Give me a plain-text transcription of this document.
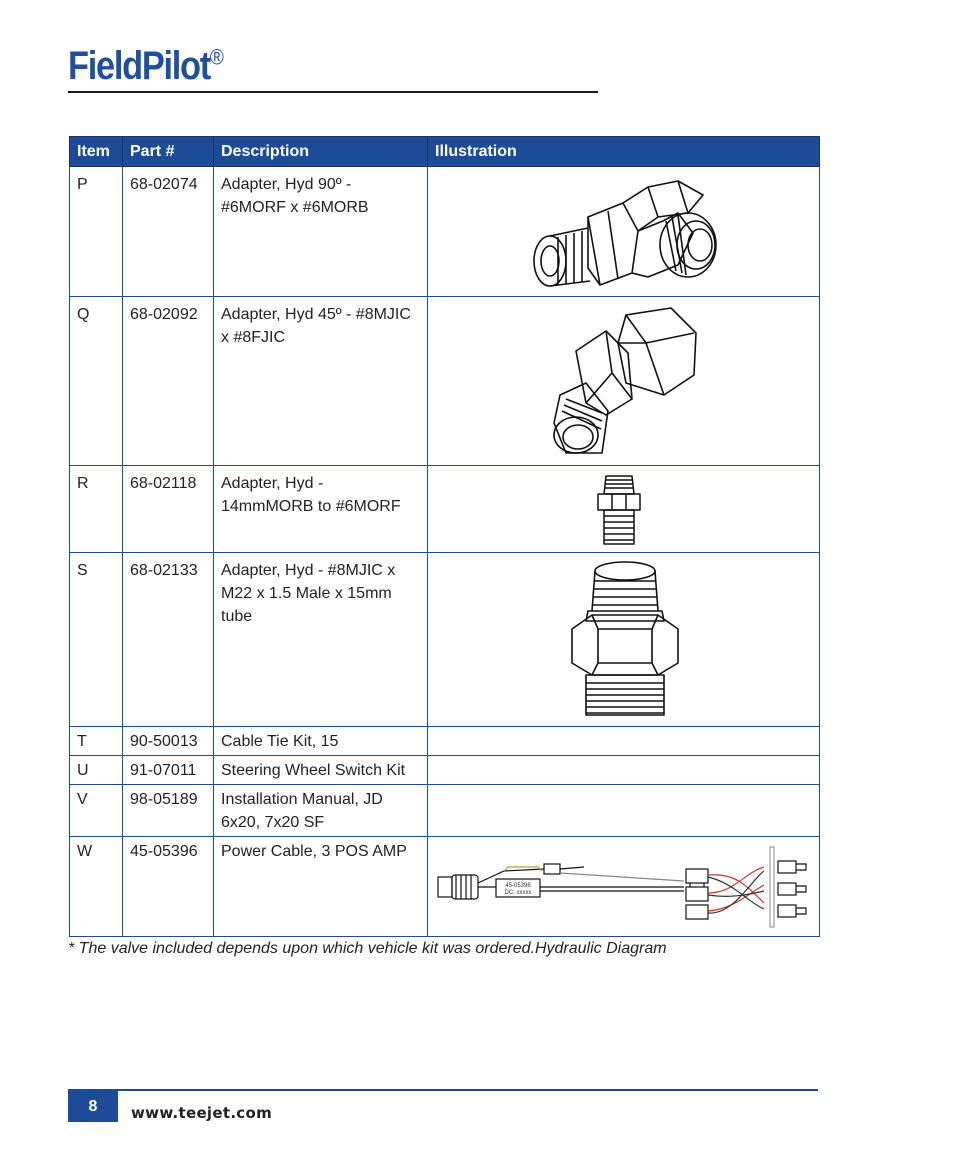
FieldPilot®
Item	Part #	Description	Illustration
P	68-02074	Adapter, Hyd 90º - #6MORF x #6MORB	

Q	68-02092	Adapter, Hyd 45º - #8MJIC x #8FJIC	

R	68-02118	Adapter, Hyd - 14mmMORB to #6MORF	

S	68-02133	Adapter, Hyd - #8MJIC x M22 x 1.5 Male x 15mm tube	

T	90-50013	Cable Tie Kit, 15	
U	91-07011	Steering Wheel Switch Kit	
V	98-05189	Installation Manual, JD 6x20, 7x20 SF	
W	45-05396	Power Cable, 3 POS AMP	45-05396
DC: xxxxx
* The valve included depends upon which vehicle kit was ordered.Hydraulic Diagram
8	www.teejet.com
